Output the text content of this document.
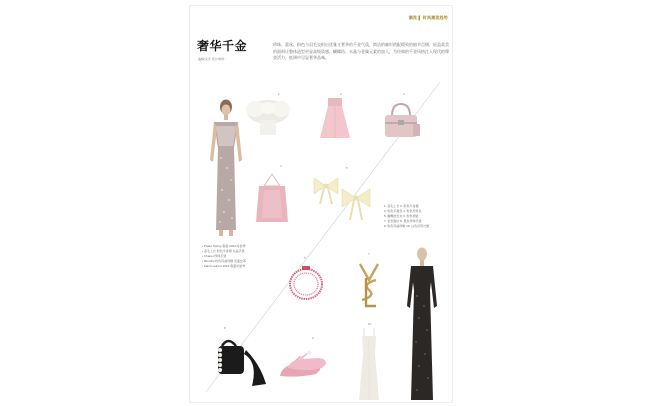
潮流 ▌ 时尚潮流趋势
奢华千金
编辑/文字 设计/制作

珍珠、蕾丝、粉色与羽毛交织出优雅又奢华的千金气质，简洁的廓形搭配精致的细节点缀，轻盈柔美的面料让整体造型更显高级质感。蝴蝶结、水晶与金属元素的加入，为经典的千金风格注入现代的摩登活力，低调中尽显奢华品味。

1	2	3
4	5
1. 羽毛上衣 2. 粉色半身裙
3. 粉色手提包 4. 粉色托特包
5. 蝴蝶结发夹 6. 粉色项链
7. 金色胸针 8. 黑色珍珠手袋
9. 粉色玛丽珍鞋 10. 白色吊带长裙
• Prada Spring 春夏 2024 时装秀
• 羽毛上衣 粉色半身裙 水晶手袋
• Chanel 珍珠手袋
• Miu Miu 粉色玛丽珍鞋 亮面皮革
• Saint Laurent 2024 春夏时装秀
6
7
8
9
10
